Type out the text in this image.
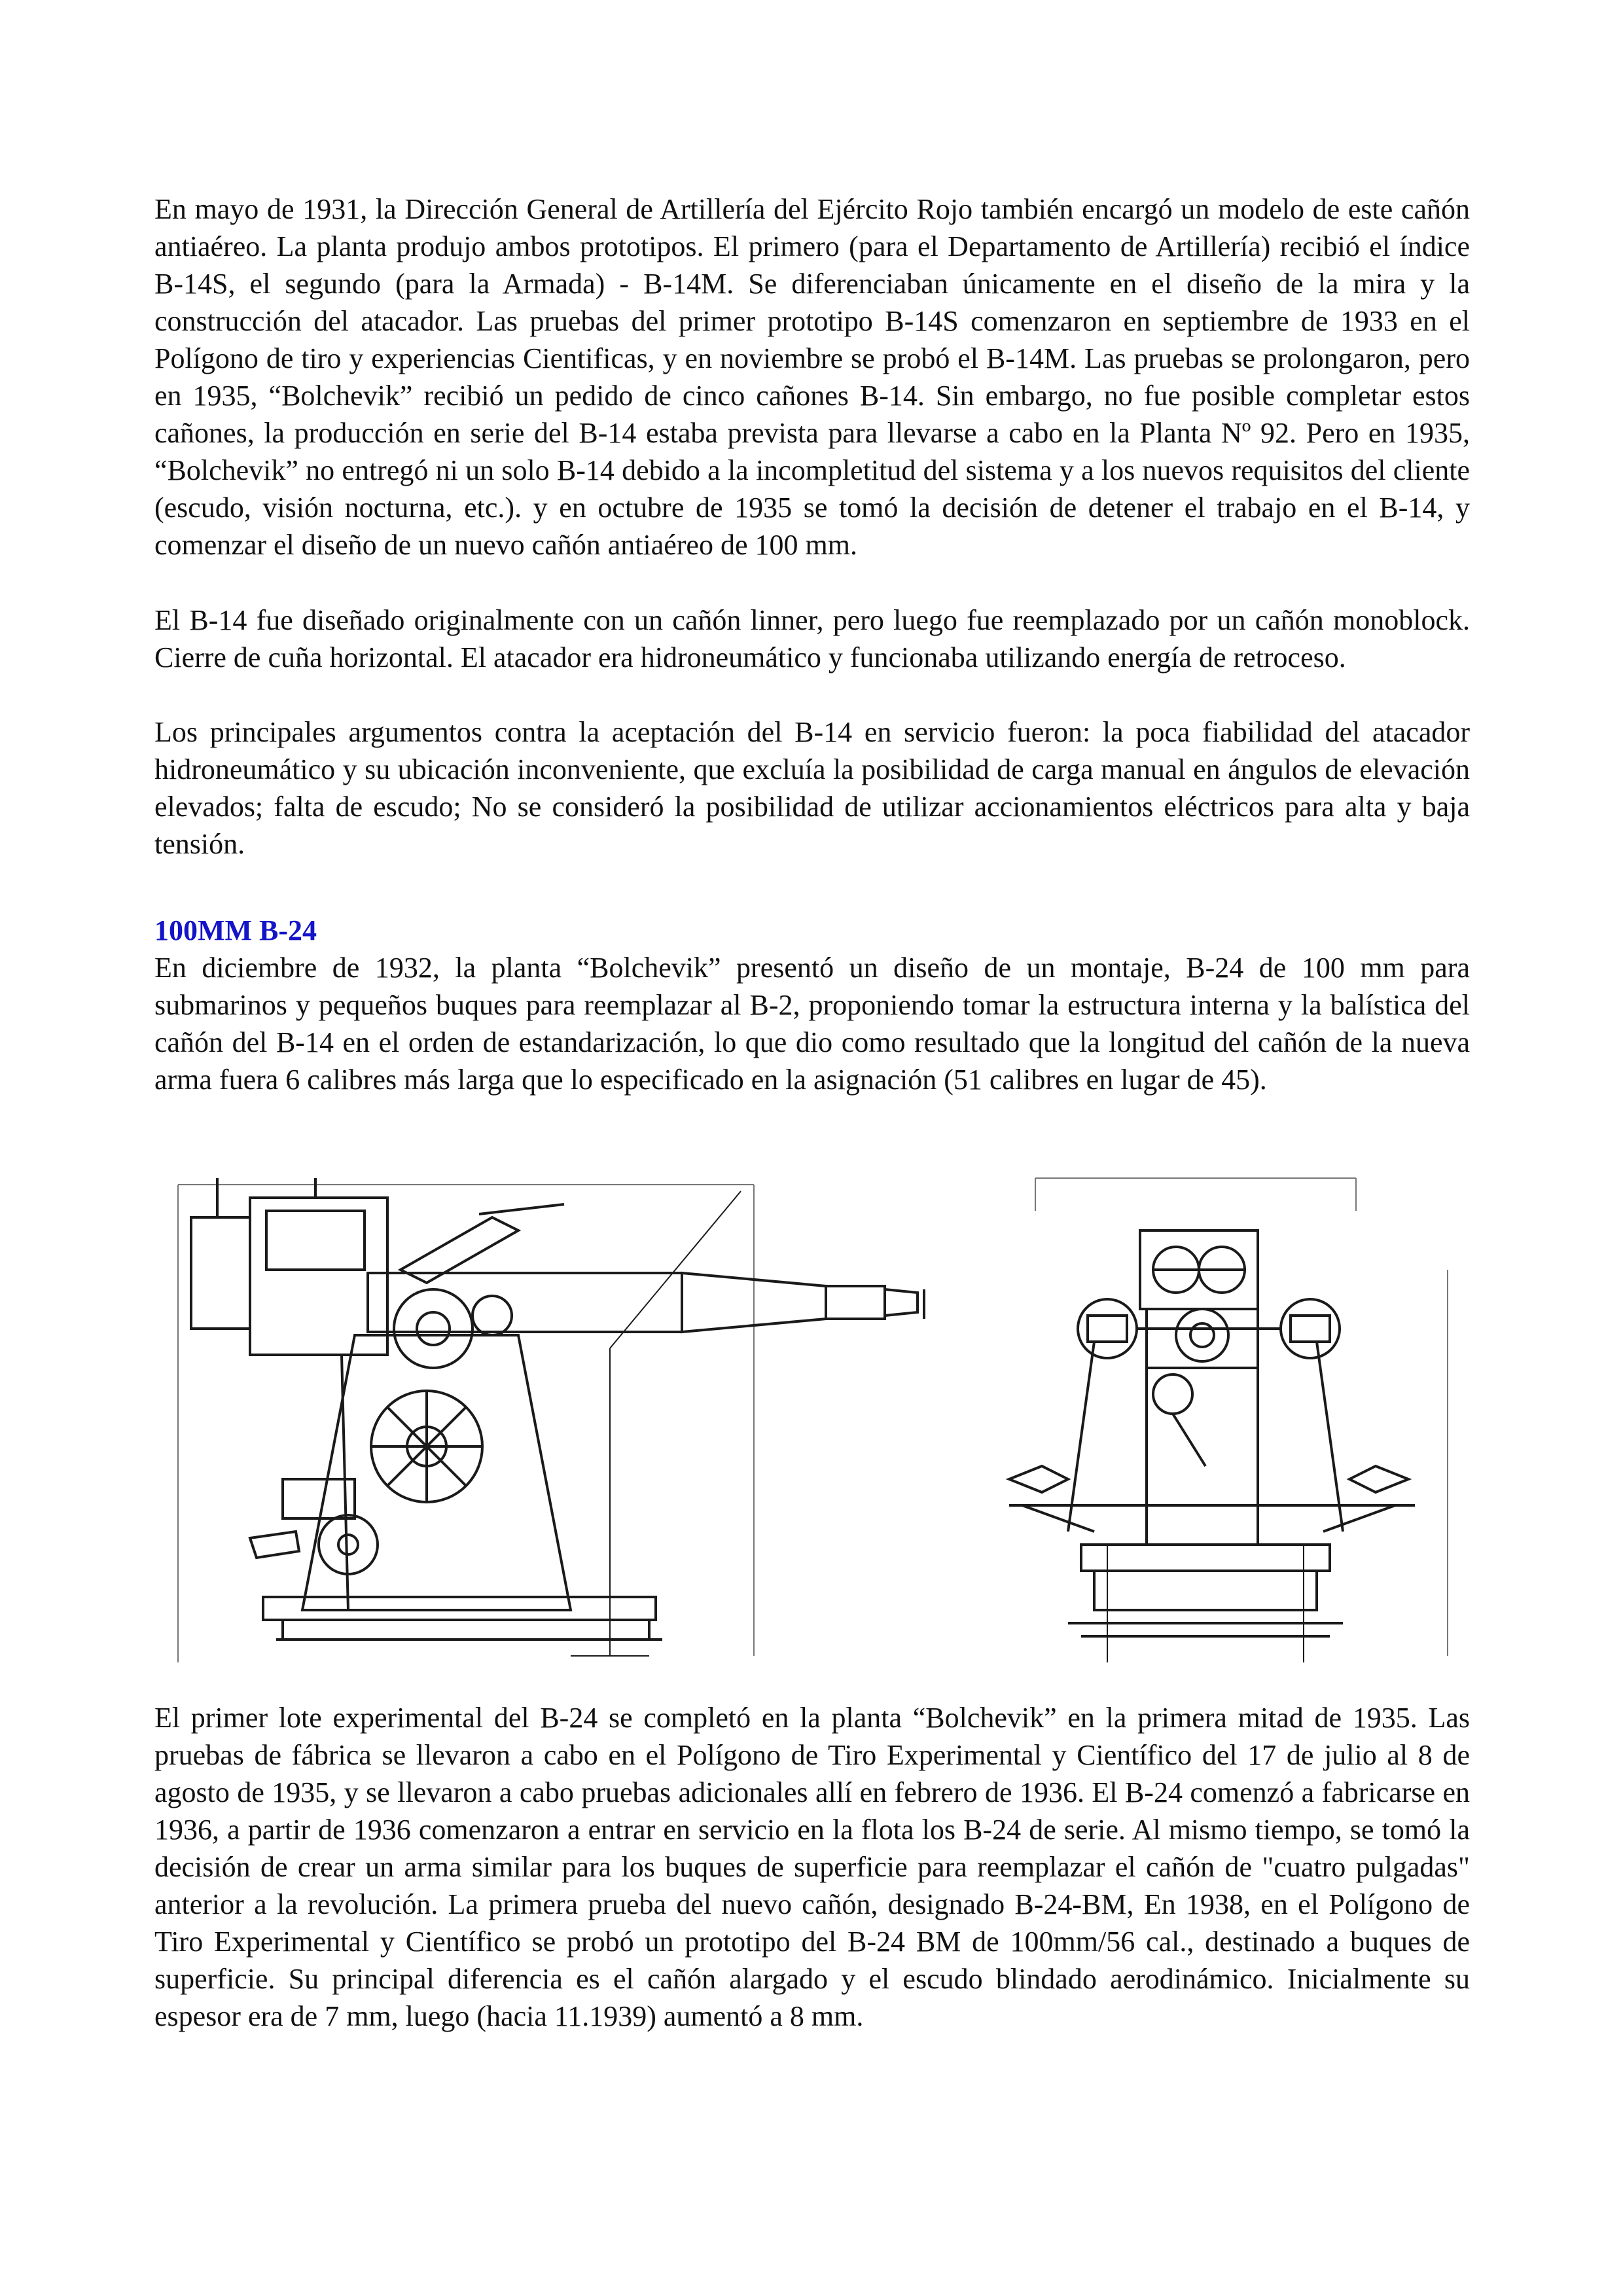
En mayo de 1931, la Dirección General de Artillería del Ejército Rojo también encargó un modelo de este cañón antiaéreo. La planta produjo ambos prototipos. El primero (para el Departamento de Artillería) recibió el índice B-14S, el segundo (para la Armada) - B-14M. Se diferenciaban únicamente en el diseño de la mira y la construcción del atacador. Las pruebas del primer prototipo B-14S comenzaron en septiembre de 1933 en el Polígono de tiro y experiencias Cientificas, y en noviembre se probó el B-14M. Las pruebas se prolongaron, pero en 1935, “Bolchevik” recibió un pedido de cinco cañones B-14. Sin embargo, no fue posible completar estos cañones, la producción en serie del B-14 estaba prevista para llevarse a cabo en la Planta Nº 92. Pero en 1935, “Bolchevik” no entregó ni un solo B-14 debido a la incompletitud del sistema y a los nuevos requisitos del cliente (escudo, visión nocturna, etc.). y en octubre de 1935 se tomó la decisión de detener el trabajo en el B-14, y comenzar el diseño de un nuevo cañón antiaéreo de 100 mm.

El B-14 fue diseñado originalmente con un cañón linner, pero luego fue reemplazado por un cañón monoblock. Cierre de cuña horizontal. El atacador era hidroneumático y funcionaba utilizando energía de retroceso.

Los principales argumentos contra la aceptación del B-14 en servicio fueron: la poca fiabilidad del atacador hidroneumático y su ubicación inconveniente, que excluía la posibilidad de carga manual en ángulos de elevación elevados; falta de escudo; No se consideró la posibilidad de utilizar accionamientos eléctricos para alta y baja tensión.

100MM B-24

En diciembre de 1932, la planta “Bolchevik” presentó un diseño de un montaje, B-24 de 100 mm para submarinos y pequeños buques para reemplazar al B-2, proponiendo tomar la estructura interna y la balística del cañón del B-14 en el orden de estandarización, lo que dio como resultado que la longitud del cañón de la nueva arma fuera 6 calibres más larga que lo especificado en la asignación (51 calibres en lugar de 45).

El primer lote experimental del B-24 se completó en la planta “Bolchevik” en la primera mitad de 1935. Las pruebas de fábrica se llevaron a cabo en el Polígono de Tiro Experimental y Científico del 17 de julio al 8 de agosto de 1935, y se llevaron a cabo pruebas adicionales allí en febrero de 1936. El B-24 comenzó a fabricarse en 1936, a partir de 1936 comenzaron a entrar en servicio en la flota los B-24 de serie. Al mismo tiempo, se tomó la decisión de crear un arma similar para los buques de superficie para reemplazar el cañón de "cuatro pulgadas" anterior a la revolución. La primera prueba del nuevo cañón, designado B-24-BM, En 1938, en el Polígono de Tiro Experimental y Científico se probó un prototipo del B-24 BM de 100mm/56 cal., destinado a buques de superficie. Su principal diferencia es el cañón alargado y el escudo blindado aerodinámico. Inicialmente su espesor era de 7 mm, luego (hacia 11.1939) aumentó a 8 mm.
